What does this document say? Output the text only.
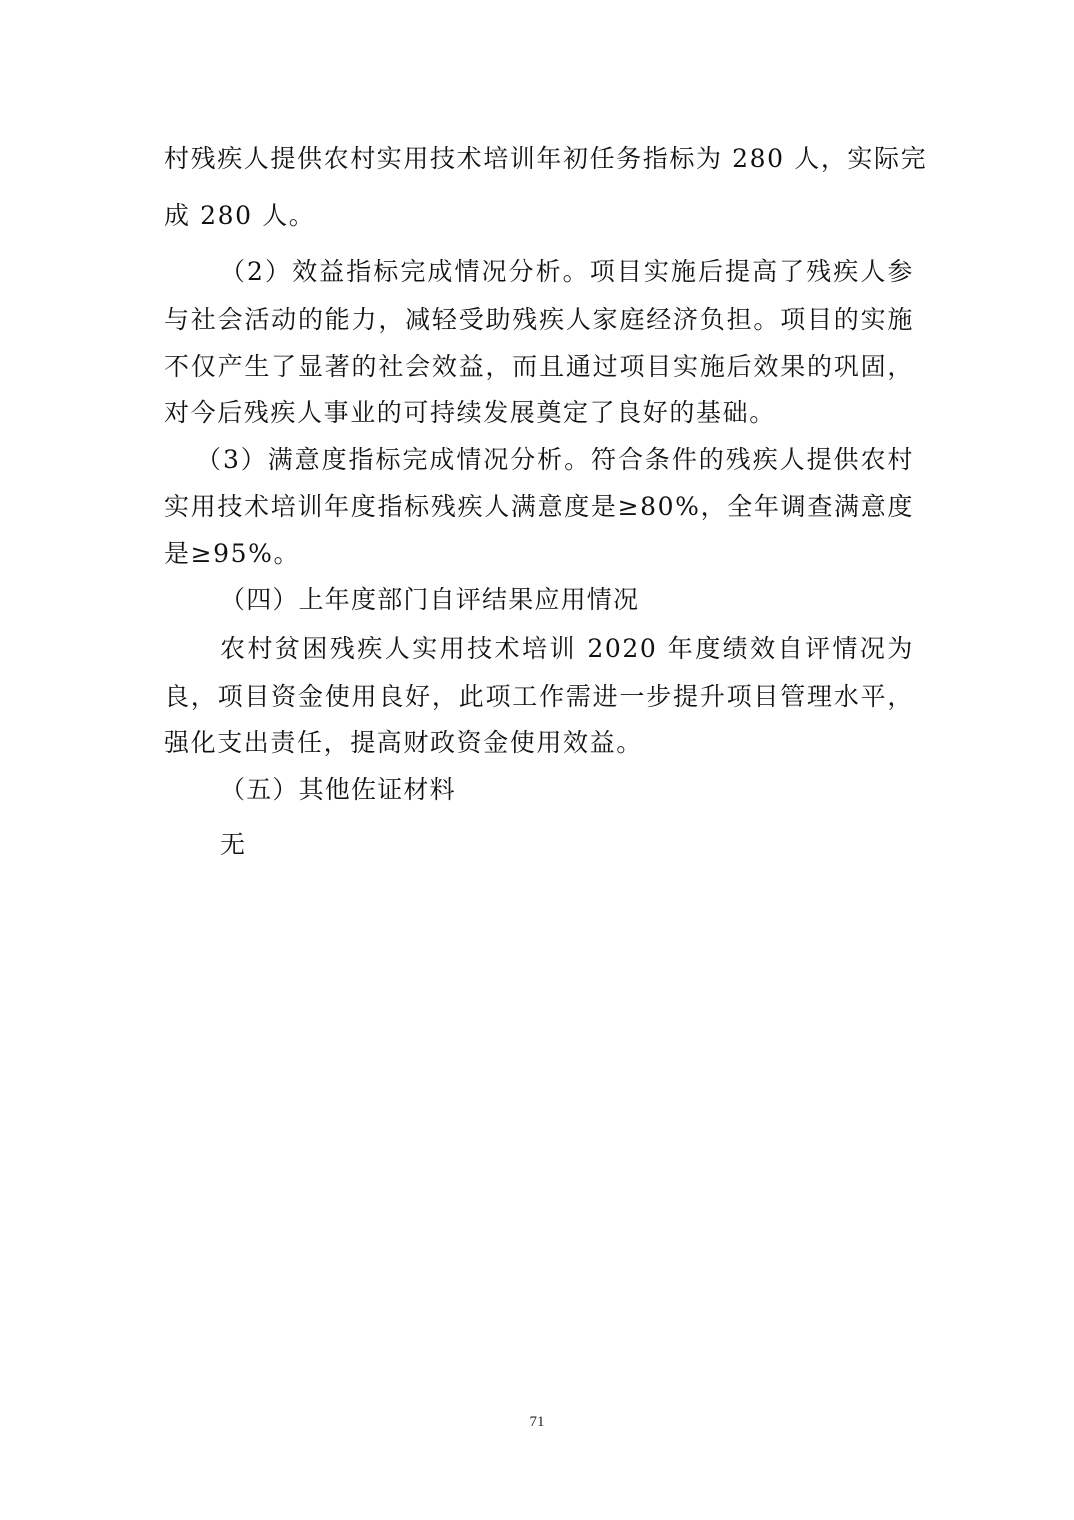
村残疾人提供农村实用技术培训年初任务指标为 280 人，实际完
成 280 人。
（2）效益指标完成情况分析。项目实施后提高了残疾人参
与社会活动的能力，减轻受助残疾人家庭经济负担。项目的实施
不仅产生了显著的社会效益，而且通过项目实施后效果的巩固，
对今后残疾人事业的可持续发展奠定了良好的基础。
（3）满意度指标完成情况分析。符合条件的残疾人提供农村
实用技术培训年度指标残疾人满意度是≥80%，全年调查满意度
是≥95%。
（四）上年度部门自评结果应用情况
农村贫困残疾人实用技术培训 2020 年度绩效自评情况为
良，项目资金使用良好，此项工作需进一步提升项目管理水平，
强化支出责任，提高财政资金使用效益。
（五）其他佐证材料
无
71
